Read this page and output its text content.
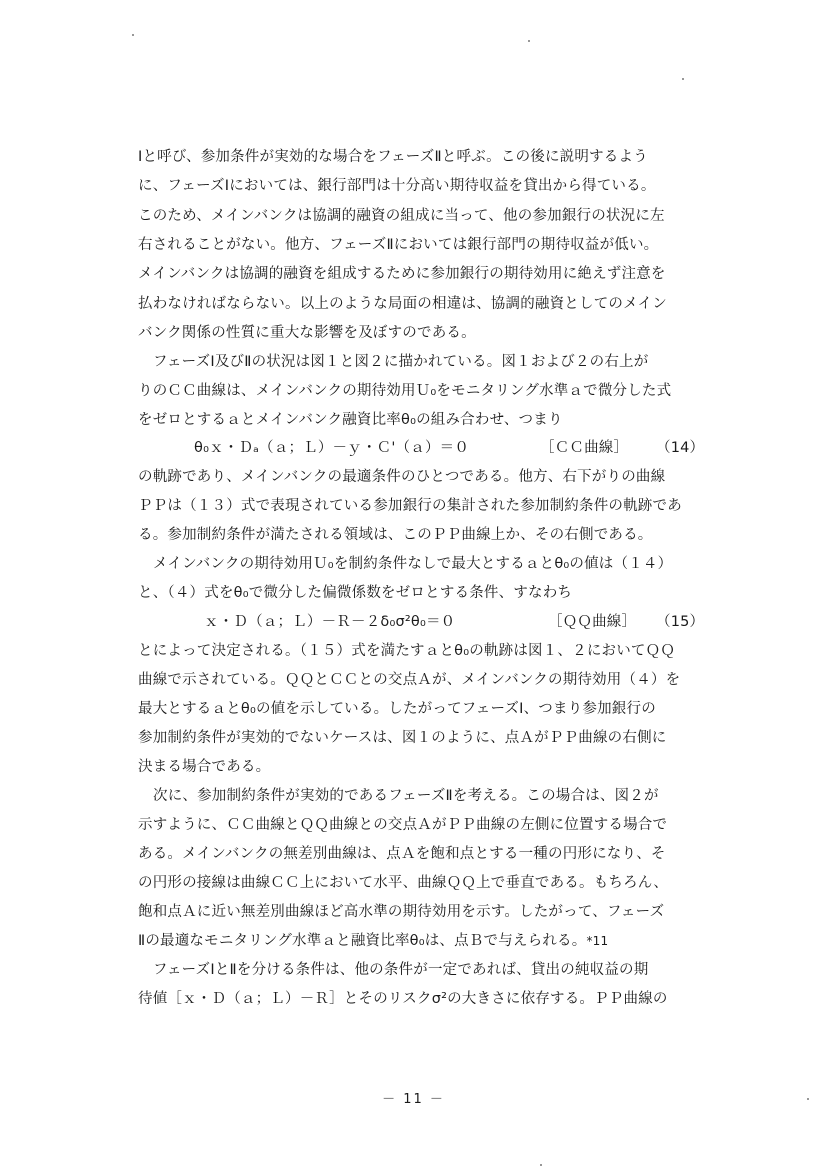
Ⅰと呼び、参加条件が実効的な場合をフェーズⅡと呼ぶ。この後に説明するよう
に、フェーズⅠにおいては、銀行部門は十分高い期待収益を貸出から得ている。
このため、メインバンクは協調的融資の組成に当って、他の参加銀行の状況に左
右されることがない。他方、フェーズⅡにおいては銀行部門の期待収益が低い。
メインバンクは協調的融資を組成するために参加銀行の期待効用に絶えず注意を
払わなければならない。以上のような局面の相違は、協調的融資としてのメイン
バンク関係の性質に重大な影響を及ぼすのである。
フェーズⅠ及びⅡの状況は図１と図２に描かれている。図１および２の右上が
りのＣＣ曲線は、メインバンクの期待効用Ｕ₀をモニタリング水準ａで微分した式
をゼロとするａとメインバンク融資比率θ₀の組み合わせ、つまり
θ₀ｘ・Ｄₐ（ａ；Ｌ）－ｙ・Ｃ'（ａ）＝０	［ＣＣ曲線］ （14）
の軌跡であり、メインバンクの最適条件のひとつである。他方、右下がりの曲線
ＰＰは（１３）式で表現されている参加銀行の集計された参加制約条件の軌跡であ
る。参加制約条件が満たされる領域は、このＰＰ曲線上か、その右側である。
メインバンクの期待効用Ｕ₀を制約条件なしで最大とするａとθ₀の値は（１４）
と、（４）式をθ₀で微分した偏微係数をゼロとする条件、すなわち
ｘ・Ｄ（ａ；Ｌ）－Ｒ－２δ₀σ²θ₀＝０	［ＱＱ曲線］ （15）
とによって決定される。（１５）式を満たすａとθ₀の軌跡は図１、２においてＱＱ
曲線で示されている。ＱＱとＣＣとの交点Ａが、メインバンクの期待効用（４）を
最大とするａとθ₀の値を示している。したがってフェーズⅠ、つまり参加銀行の
参加制約条件が実効的でないケースは、図１のように、点ＡがＰＰ曲線の右側に
決まる場合である。
次に、参加制約条件が実効的であるフェーズⅡを考える。この場合は、図２が
示すように、ＣＣ曲線とＱＱ曲線との交点ＡがＰＰ曲線の左側に位置する場合で
ある。メインバンクの無差別曲線は、点Ａを飽和点とする一種の円形になり、そ
の円形の接線は曲線ＣＣ上において水平、曲線ＱＱ上で垂直である。もちろん、
飽和点Ａに近い無差別曲線ほど高水準の期待効用を示す。したがって、フェーズ
Ⅱの最適なモニタリング水準ａと融資比率θ₀は、点Ｂで与えられる。*11
フェーズⅠとⅡを分ける条件は、他の条件が一定であれば、貸出の純収益の期
待値［ｘ・Ｄ（ａ；Ｌ）－Ｒ］とそのリスクσ²の大きさに依存する。ＰＰ曲線の
－ 11 －
